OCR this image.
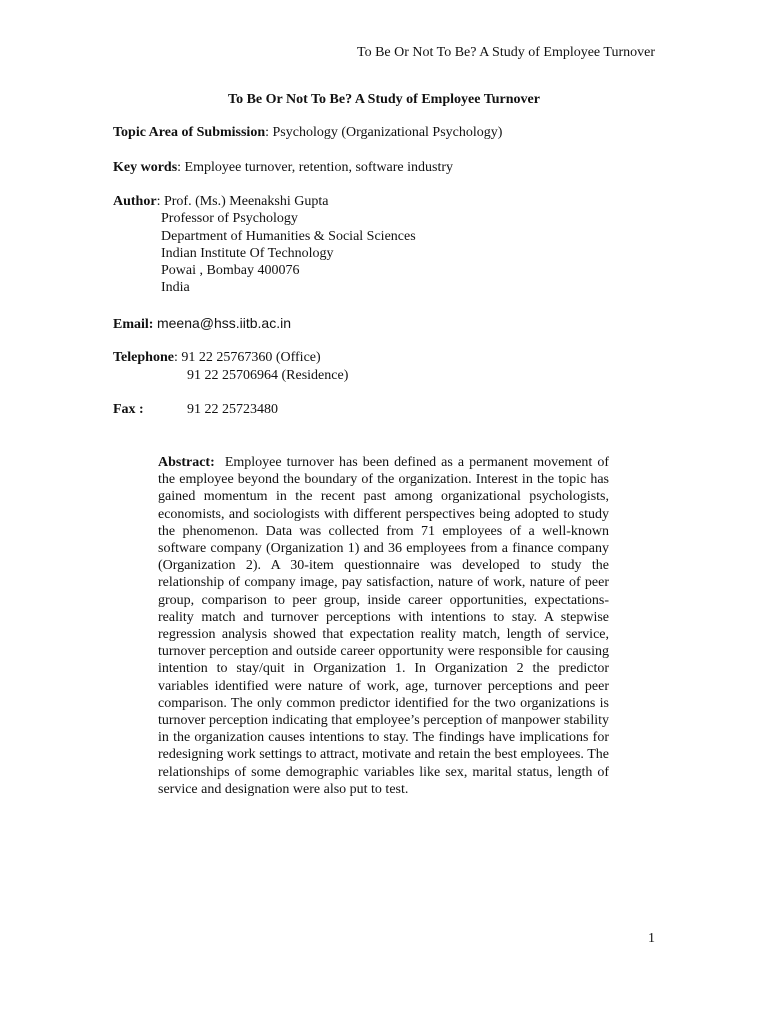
To Be Or Not To Be? A Study of Employee Turnover
To Be Or Not To Be? A Study of Employee Turnover
Topic Area of Submission: Psychology (Organizational Psychology)
Key words: Employee turnover, retention, software industry
Author: Prof. (Ms.) Meenakshi Gupta
Professor of Psychology
Department of Humanities & Social Sciences
Indian Institute Of Technology
Powai , Bombay 400076
India
Email: meena@hss.iitb.ac.in
Telephone: 91 22 25767360 (Office)
91 22 25706964 (Residence)
Fax :	91 22 25723480
Abstract: Employee turnover has been defined as a permanent movement of the employee beyond the boundary of the organization. Interest in the topic has gained momentum in the recent past among organizational psychologists, economists, and sociologists with different perspectives being adopted to study the phenomenon. Data was collected from 71 employees of a well-known software company (Organization 1) and 36 employees from a finance company (Organization 2). A 30-item questionnaire was developed to study the relationship of company image, pay satisfaction, nature of work, nature of peer group, comparison to peer group, inside career opportunities, expectations-reality match and turnover perceptions with intentions to stay. A stepwise regression analysis showed that expectation reality match, length of service, turnover perception and outside career opportunity were responsible for causing intention to stay/quit in Organization 1. In Organization 2 the predictor variables identified were nature of work, age, turnover perceptions and peer comparison. The only common predictor identified for the two organizations is turnover perception indicating that employee’s perception of manpower stability in the organization causes intentions to stay. The findings have implications for redesigning work settings to attract, motivate and retain the best employees. The relationships of some demographic variables like sex, marital status, length of service and designation were also put to test.
1
